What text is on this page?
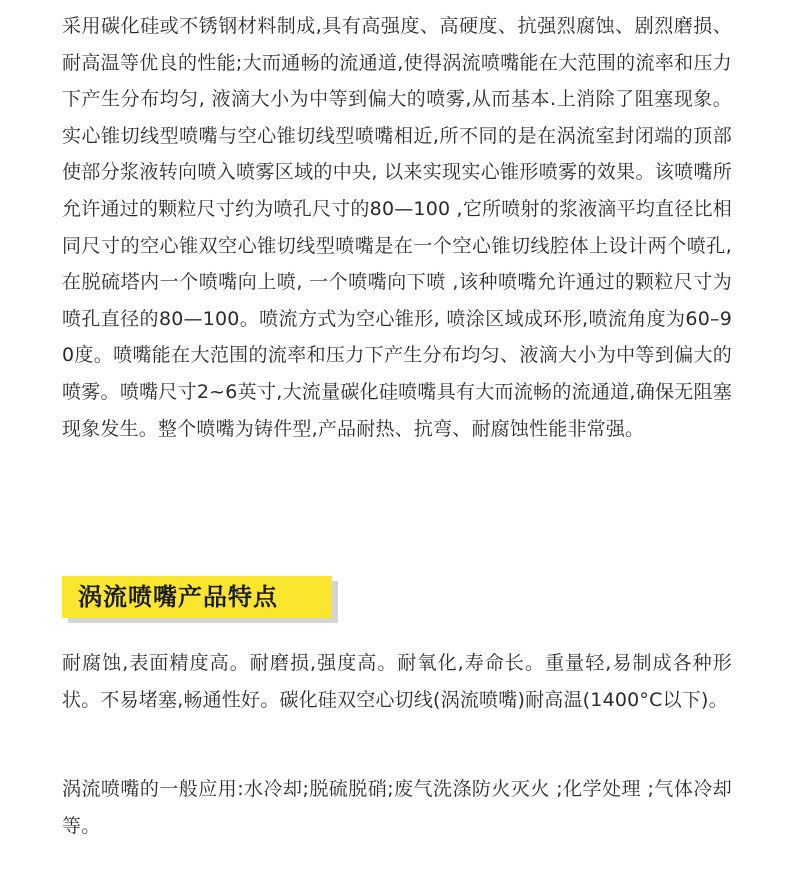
采用碳化硅或不锈钢材料制成,具有高强度、高硬度、抗强烈腐蚀、剧烈磨损、耐高温等优良的性能;大而通畅的流通道,使得涡流喷嘴能在大范围的流率和压力下产生分布均匀, 液滴大小为中等到偏大的喷雾,从而基本.上消除了阻塞现象。实心锥切线型喷嘴与空心锥切线型喷嘴相近,所不同的是在涡流室封闭端的顶部使部分浆液转向喷入喷雾区域的中央, 以来实现实心锥形喷雾的效果。该喷嘴所允许通过的颗粒尺寸约为喷孔尺寸的80—100 ,它所喷射的浆液滴平均直径比相同尺寸的空心锥双空心锥切线型喷嘴是在一个空心锥切线腔体上设计两个喷孔,在脱硫塔内一个喷嘴向上喷, 一个喷嘴向下喷 ,该种喷嘴允许通过的颗粒尺寸为喷孔直径的80—100。喷流方式为空心锥形, 喷涂区域成环形,喷流角度为60–90度。喷嘴能在大范围的流率和压力下产生分布均匀、液滴大小为中等到偏大的喷雾。喷嘴尺寸2~6英寸,大流量碳化硅喷嘴具有大而流畅的流通道,确保无阻塞现象发生。整个喷嘴为铸件型,产品耐热、抗弯、耐腐蚀性能非常强。

涡流喷嘴产品特点

耐腐蚀,表面精度高。耐磨损,强度高。耐氧化,寿命长。重量轻,易制成各种形状。不易堵塞,畅通性好。碳化硅双空心切线(涡流喷嘴)耐高温(1400°C以下)。

涡流喷嘴的一般应用:水冷却;脱硫脱硝;废气洗涤防火灭火 ;化学处理 ;气体冷却等。
